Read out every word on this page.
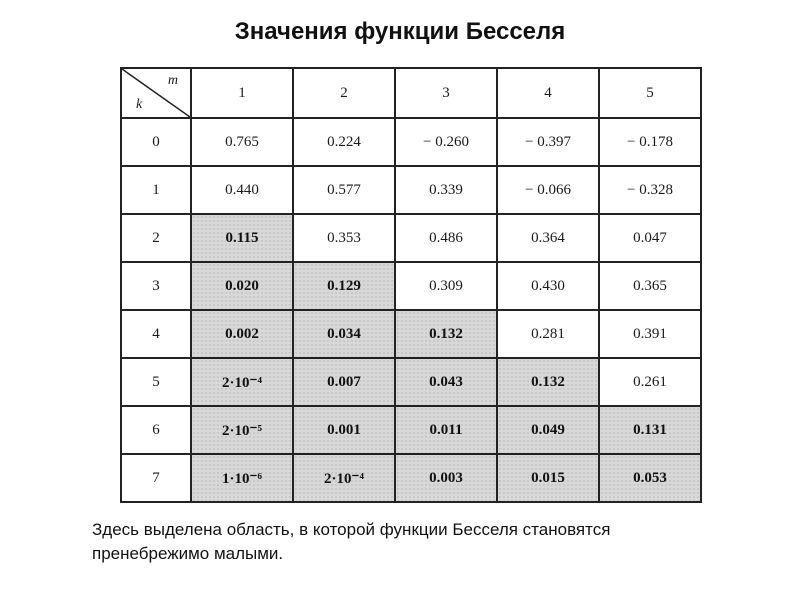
Значения функции Бесселя
m
k	1	2	3	4	5
0	0.765	0.224	− 0.260	− 0.397	− 0.178
1	0.440	0.577	0.339	− 0.066	− 0.328
2	0.115	0.353	0.486	0.364	0.047
3	0.020	0.129	0.309	0.430	0.365
4	0.002	0.034	0.132	0.281	0.391
5	2·10⁻⁴	0.007	0.043	0.132	0.261
6	2·10⁻⁵	0.001	0.011	0.049	0.131
7	1·10⁻⁶	2·10⁻⁴	0.003	0.015	0.053
Здесь выделена область, в которой функции Бесселя становятся пренебрежимо малыми.
